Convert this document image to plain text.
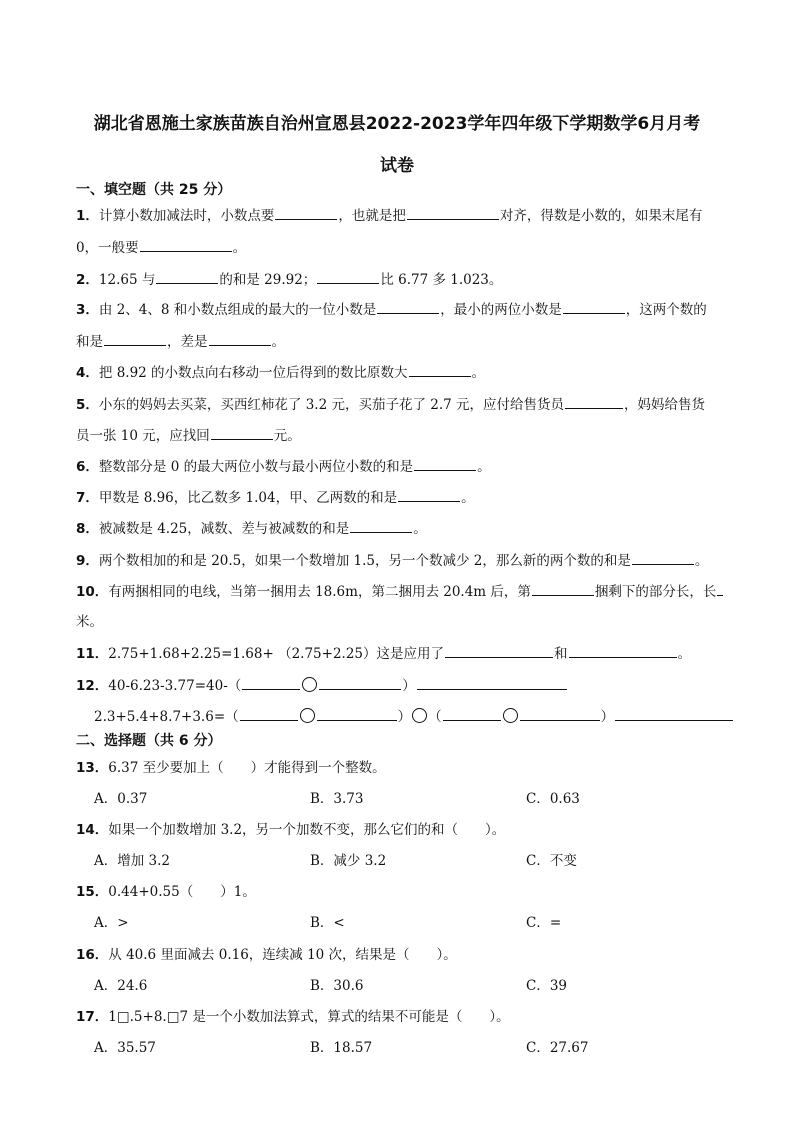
湖北省恩施土家族苗族自治州宣恩县2022-2023学年四年级下学期数学6月月考
试卷
一、填空题（共 25 分）
1．计算小数加减法时，小数点要	，也就是把	对齐，得数是小数的，如果末尾有
0，一般要	。
2．12.65 与	的和是 29.92；	比 6.77 多 1.023。
3．由 2、4、8 和小数点组成的最大的一位小数是	，最小的两位小数是	，这两个数的
和是	，差是	。
4．把 8.92 的小数点向右移动一位后得到的数比原数大	。
5．小东的妈妈去买菜，买西红柿花了 3.2 元，买茄子花了 2.7 元，应付给售货员	，妈妈给售货
员一张 10 元，应找回	元。
6．整数部分是 0 的最大两位小数与最小两位小数的和是	。
7．甲数是 8.96，比乙数多 1.04，甲、乙两数的和是	。
8．被减数是 4.25，减数、差与被减数的和是	。
9．两个数相加的和是 20.5，如果一个数增加 1.5，另一个数减少 2，那么新的两个数的和是	。
10．有两捆相同的电线，当第一捆用去 18.6m，第二捆用去 20.4m 后，第	捆剩下的部分长，长
米。
11．2.75+1.68+2.25=1.68+ （2.75+2.25）这是应用了	和	。
12．40-6.23-3.77=40-（	）
2.3+5.4+8.7+3.6=（	） （	）
二、选择题（共 6 分）
13．6.37 至少要加上（　　）才能得到一个整数。
A．0.37	B．3.73	C．0.63
14．如果一个加数增加 3.2，另一个加数不变，那么它们的和（　　）。
A．增加 3.2	B．减少 3.2	C．不变
15．0.44+0.55（　　）1。
A．>	B．<	C．=
16．从 40.6 里面减去 0.16，连续减 10 次，结果是（　　）。
A．24.6	B．30.6	C．39
17．1□.5+8.□7 是一个小数加法算式，算式的结果不可能是（　　）。
A．35.57	B．18.57	C．27.67
